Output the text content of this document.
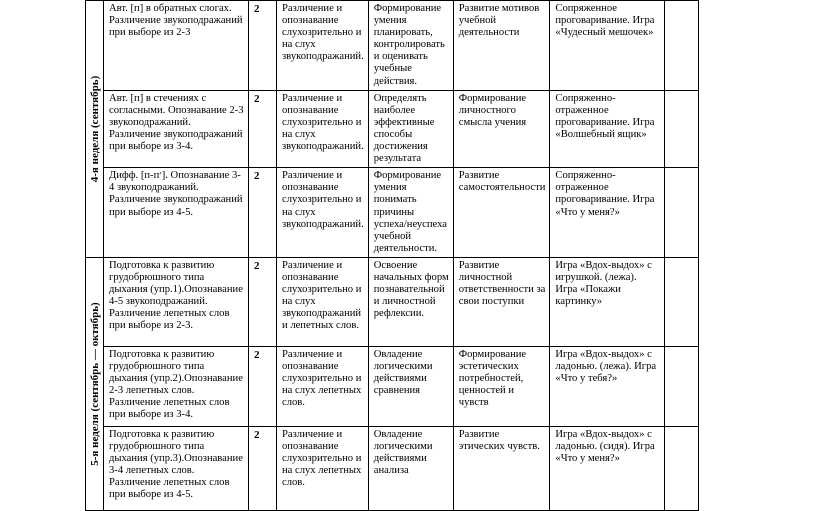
4-я неделя (сентябрь)	Авт. [п] в обратных слогах. Различение звукоподражаний при выборе из 2-3	2	Различение и опознавание слухозрительно и на слух звукоподражаний.	Формирование умения планировать, контролировать и оценивать учебные действия.	Развитие мотивов учебной деятельности	Сопряженное проговаривание. Игра «Чудесный мешочек»	
	Авт. [п] в стечениях с согласными. Опознавание 2-3 звукоподражаний. Различение звукоподражаний при выборе из 3-4.	2	Различение и опознавание слухозрительно и на слух звукоподражаний.	Определять наиболее эффективные способы достижения результата	Формирование личностного смысла учения	Сопряженно-отраженное проговаривание. Игра «Волшебный ящик»	
	Дифф. [п-п׳]. Опознавание 3-4 звукоподражаний. Различение звукоподражаний при выборе из 4-5.	2	Различение и опознавание слухозрительно и на слух звукоподражаний.	Формирование умения понимать причины успеха/неуспеха учебной деятельности.	Развитие самостоятельности	Сопряженно-отраженное проговаривание. Игра «Что у меня?»	

5-я неделя (сентябрь — октябрь)	Подготовка к развитию грудобрюшного типа дыхания (упр.1).Опознавание 4-5 звукоподражаний. Различение лепетных слов при выборе из 2-3.	2	Различение и опознавание слухозрительно и на слух звукоподражаний и лепетных слов.	Освоение начальных форм познавательной и личностной рефлексии.	Развитие личностной ответственности за свои поступки	Игра «Вдох-выдох» с игрушкой. (лежа). Игра «Покажи картинку»	
	Подготовка к развитию грудобрюшного типа дыхания (упр.2).Опознавание 2-3 лепетных слов. Различение лепетных слов при выборе из 3-4.	2	Различение и опознавание слухозрительно и на слух лепетных слов.	Овладение логическими действиями сравнения	Формирование эстетических потребностей, ценностей и чувств	Игра «Вдох-выдох» с ладонью. (лежа). Игра «Что у тебя?»	
	Подготовка к развитию грудобрюшного типа дыхания (упр.3).Опознавание 3-4 лепетных слов. Различение лепетных слов при выборе из 4-5.	2	Различение и опознавание слухозрительно и на слух лепетных слов.	Овладение логическими действиями анализа	Развитие этических чувств.	Игра «Вдох-выдох» с ладонью. (сидя). Игра «Что у меня?»	
